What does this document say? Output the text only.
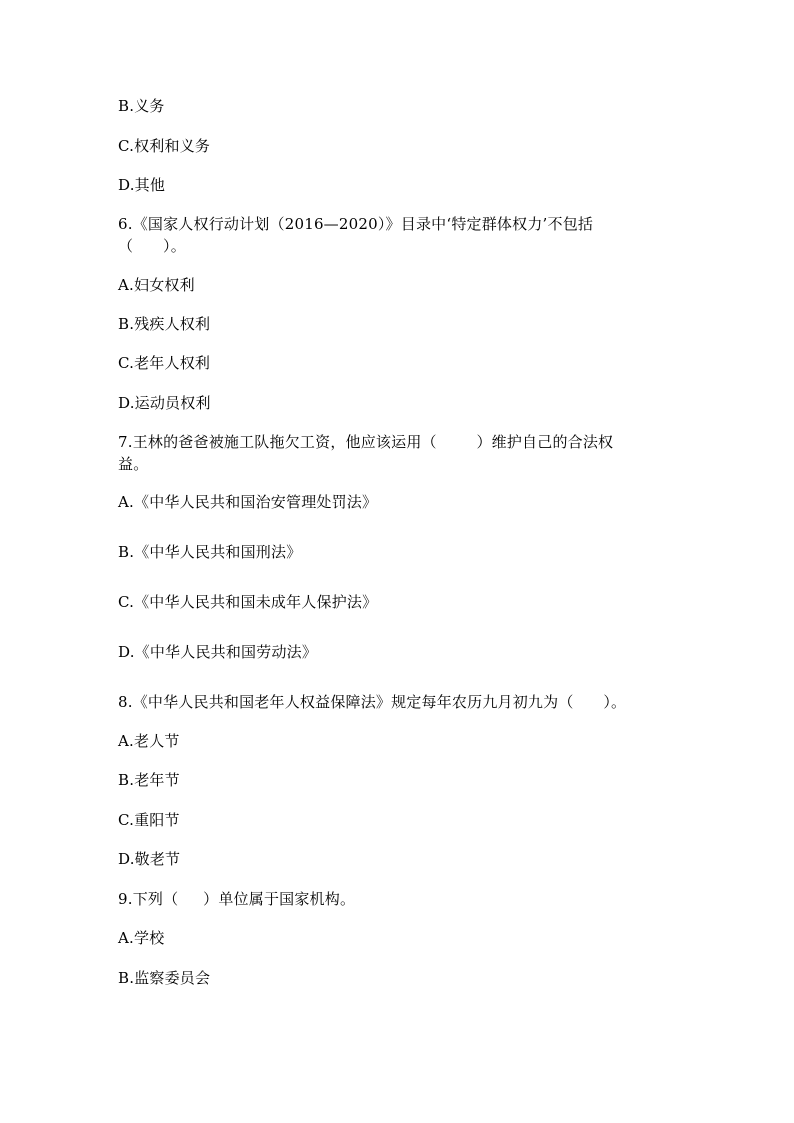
B.义务
C.权利和义务
D.其他
6.《国家人权行动计划（2016—2020）》目录中‘特定群体权力’不包括
（      ）。
A.妇女权利
B.残疾人权利
C.老年人权利
D.运动员权利
7.王林的爸爸被施工队拖欠工资，他应该运用（        ）维护自己的合法权
益。
A.《中华人民共和国治安管理处罚法》
B.《中华人民共和国刑法》
C.《中华人民共和国未成年人保护法》
D.《中华人民共和国劳动法》
8.《中华人民共和国老年人权益保障法》规定每年农历九月初九为（      ）。
A.老人节
B.老年节
C.重阳节
D.敬老节
9.下列（     ）单位属于国家机构。
A.学校
B.监察委员会
